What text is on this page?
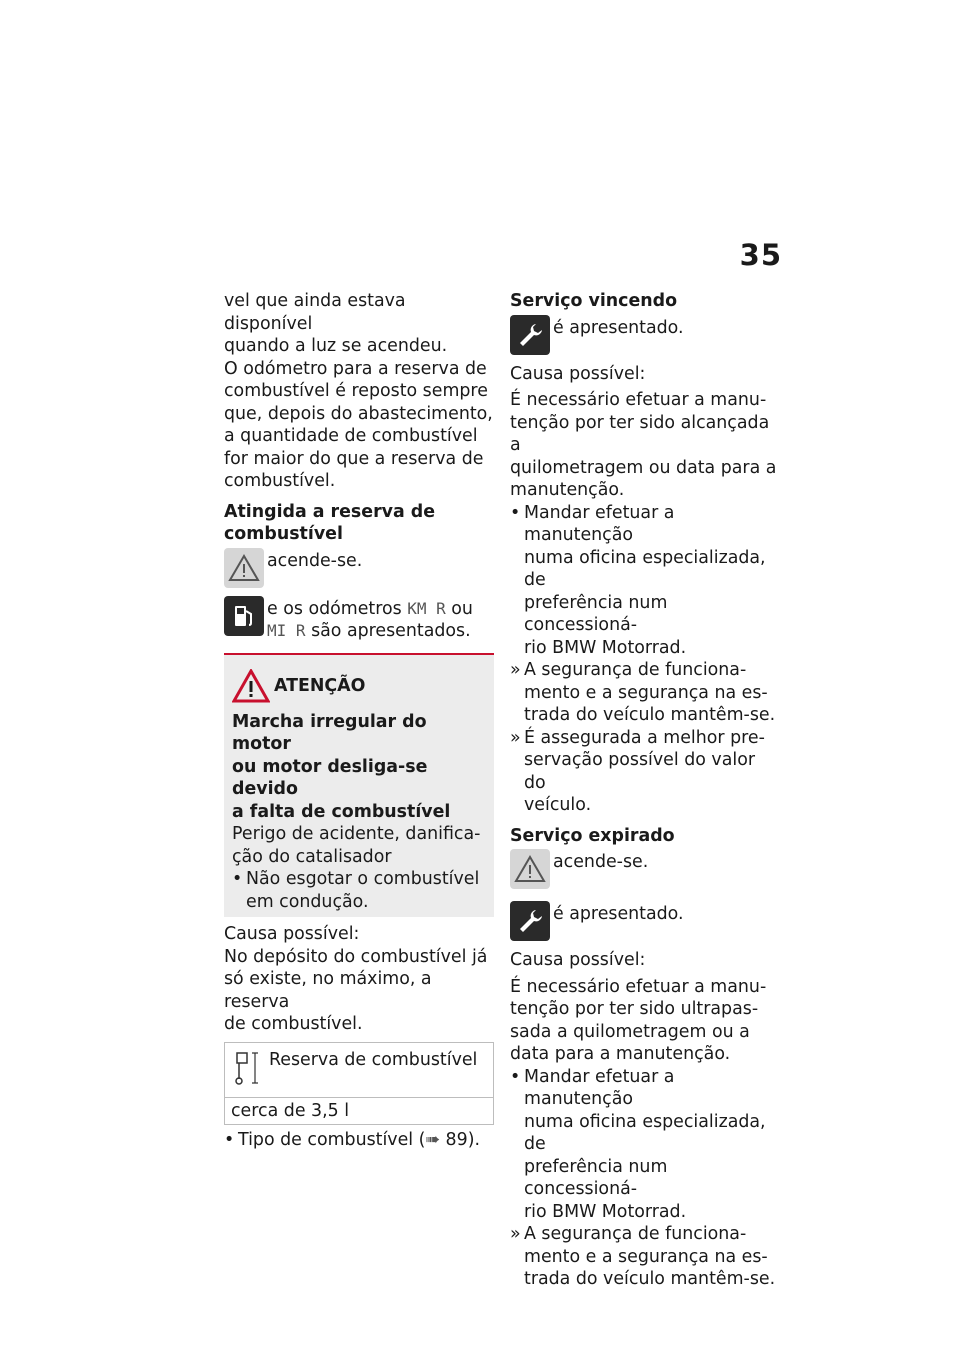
35

vel que ainda estava disponível

quando a luz se acendeu.

O odómetro para a reserva de

combustível é reposto sempre

que, depois do abastecimento,

a quantidade de combustível

for maior do que a reserva de

combustível.

Atingida a reserva de

combustível

acende-se.
e os odómetros KM R ou
MI R são apresentados.
ATENÇÃO

Marcha irregular do motor

ou motor desliga-se devido

a falta de combustível

Perigo de acidente, danifica-

ção do catalisador

• Não esgotar o combustível
em condução.

Causa possível:

No depósito do combustível já

só existe, no máximo, a reserva

de combustível.

Reserva de combustível
cerca de 3,5 l
• Tipo de combustível (➠ 89).

Serviço vincendo

é apresentado.

Causa possível:

É necessário efetuar a manu-

tenção por ter sido alcançada a

quilometragem ou data para a

manutenção.

• Mandar efetuar a manutenção
numa oficina especializada, de
preferência num concessioná-
rio BMW Motorrad.
» A segurança de funciona-
mento e a segurança na es-
trada do veículo mantêm-se.
» É assegurada a melhor pre-
servação possível do valor do
veículo.

Serviço expirado

acende-se.
é apresentado.

Causa possível:

É necessário efetuar a manu-

tenção por ter sido ultrapas-

sada a quilometragem ou a

data para a manutenção.

• Mandar efetuar a manutenção
numa oficina especializada, de
preferência num concessioná-
rio BMW Motorrad.
» A segurança de funciona-
mento e a segurança na es-
trada do veículo mantêm-se.
